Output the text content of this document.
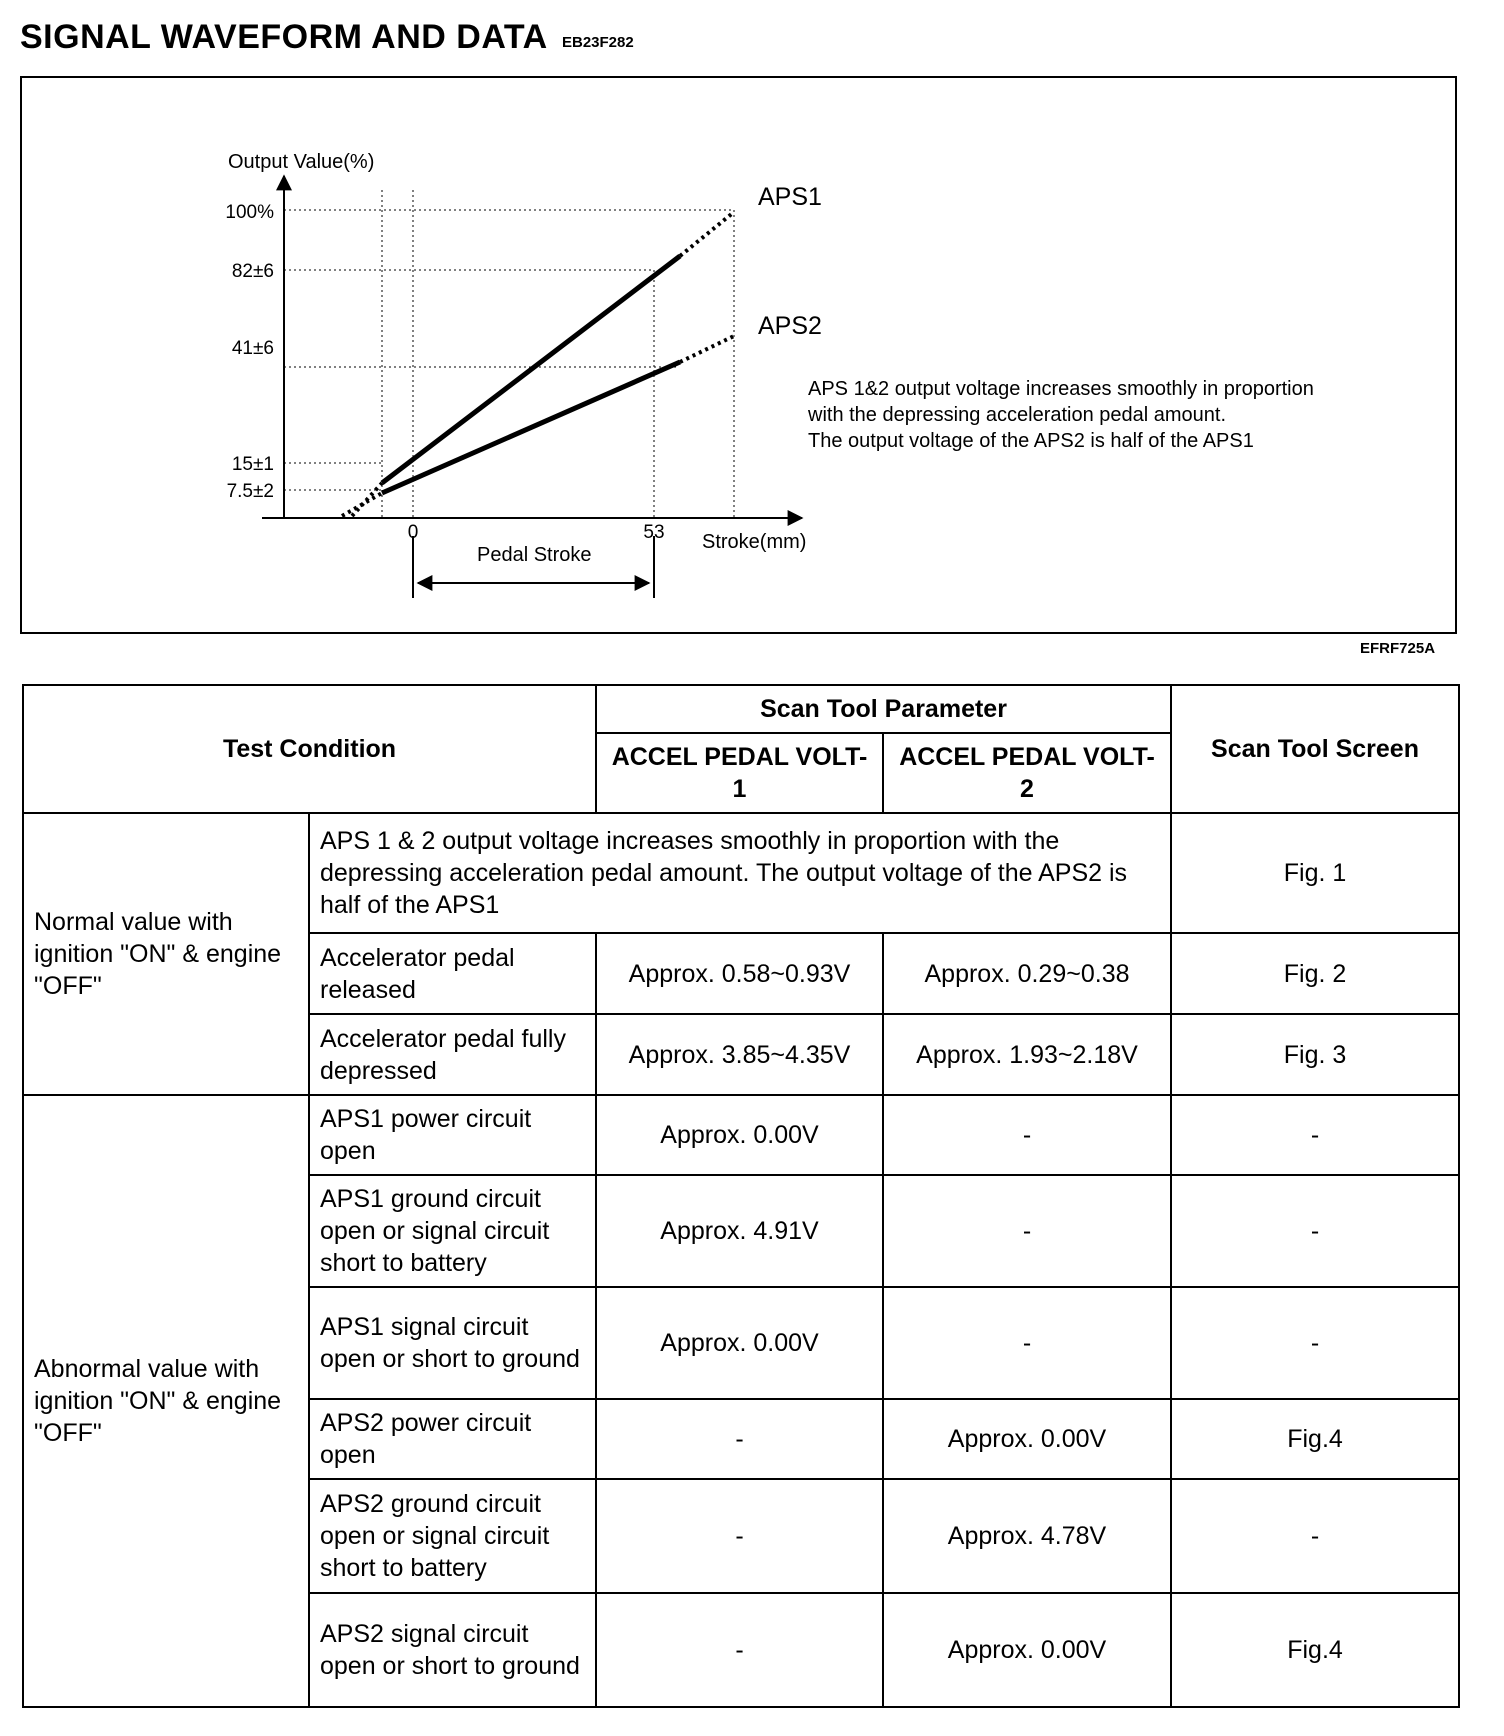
SIGNAL WAVEFORM AND DATA EB23F282
Output Value(%)
100%
82±6
41±6
15±1
7.5±2
0	53 Stroke(mm)
Pedal Stroke
APS1
APS2
APS 1&2 output voltage increases smoothly in proportion
with the depressing acceleration pedal amount.
The output voltage of the APS2 is half of the APS1
EFRF725A
Test Condition		Scan Tool Parameter		Scan Tool Screen
		ACCEL PEDAL VOLT-1	ACCEL PEDAL VOLT-2	
Normal value with ignition "ON" & engine "OFF"	APS 1 & 2 output voltage increases smoothly in proportion with the depressing acceleration pedal amount. The output voltage of the APS2 is half of the APS1			Fig. 1
	Accelerator pedal released	Approx. 0.58~0.93V	Approx. 0.29~0.38	Fig. 2
	Accelerator pedal fully depressed	Approx. 3.85~4.35V	Approx. 1.93~2.18V	Fig. 3
Abnormal value with ignition "ON" & engine "OFF"	APS1 power circuit open	Approx. 0.00V	-	-
	APS1 ground circuit open or signal circuit short to battery	Approx. 4.91V	-	-
	APS1 signal circuit open or short to ground	Approx. 0.00V	-	-
	APS2 power circuit open	-	Approx. 0.00V	Fig.4
	APS2 ground circuit open or signal circuit short to battery	-	Approx. 4.78V	-
	APS2 signal circuit open or short to ground	-	Approx. 0.00V	Fig.4
